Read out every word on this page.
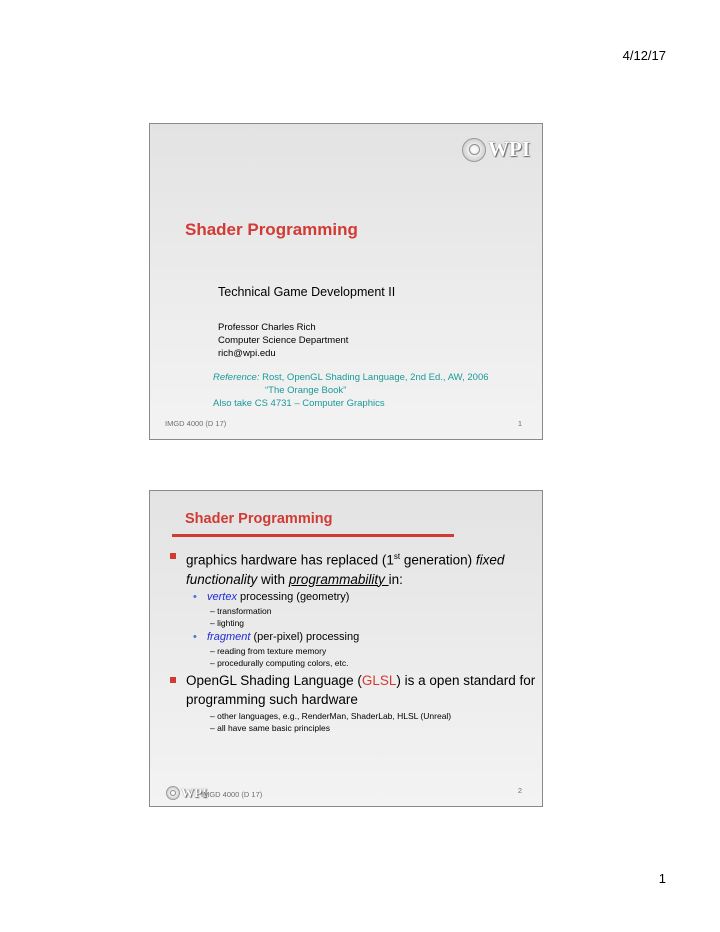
4/12/17
WPI
Shader Programming
Technical Game Development II
Professor Charles Rich
Computer Science Department
rich@wpi.edu
Reference: Rost, OpenGL Shading Language, 2nd Ed., AW, 2006
“The Orange Book”
Also take CS 4731 – Computer Graphics
IMGD 4000 (D 17)	1
Shader Programming
graphics hardware has replaced (1st generation) fixed functionality with programmability in:
• vertex processing (geometry)
– transformation
– lighting
• fragment (per-pixel) processing
– reading from texture memory
– procedurally computing colors, etc.
OpenGL Shading Language (GLSL) is a open standard for programming such hardware
– other languages, e.g., RenderMan, ShaderLab, HLSL (Unreal)
– all have same basic principles
WPI
IMGD 4000 (D 17)	2
1
